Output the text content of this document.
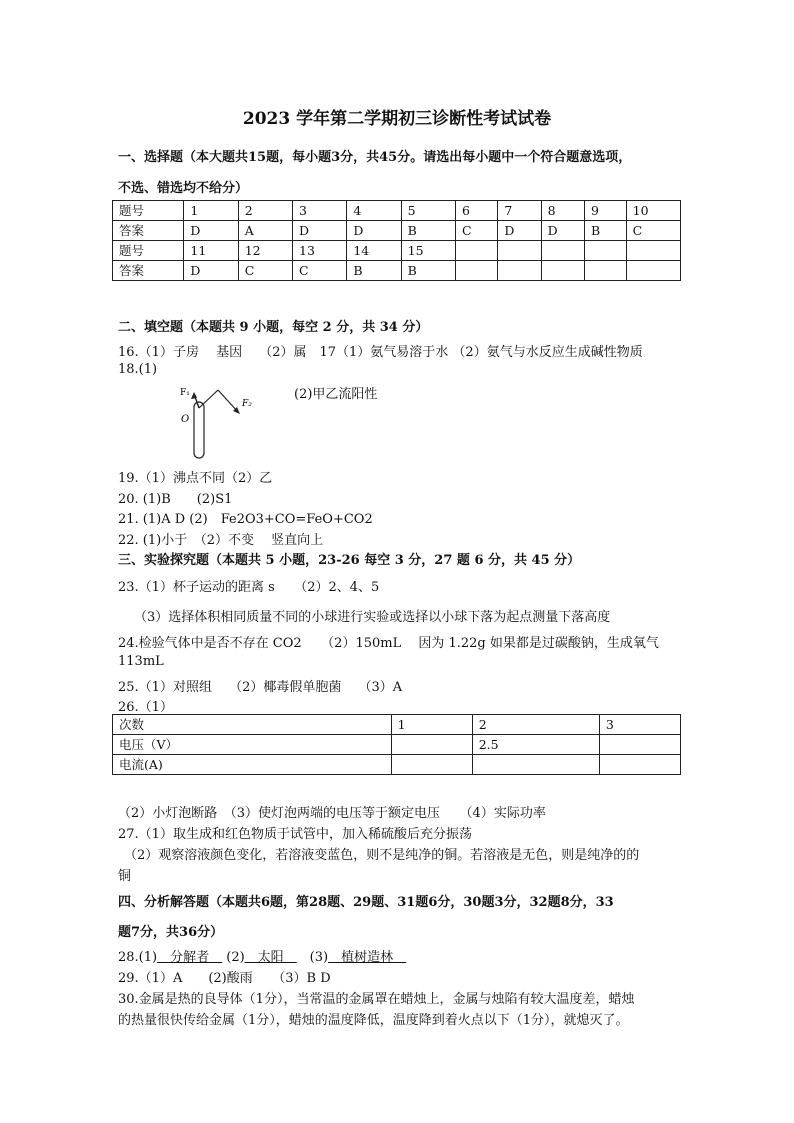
2023 学年第二学期初三诊断性考试试卷
一、选择题（本大题共15题，每小题3分，共45分。请选出每小题中一个符合题意选项，
不选、错选均不给分）
题号	1	2	3	4	5	6	7	8	9	10
答案	D	A	D	D	B	C	D	D	B	C
题号	11	12	13	14	15					
答案	D	C	C	B	B					
二、填空题（本题共 9 小题，每空 2 分，共 34 分）
16.（1）子房　 基因　 （2）属　17（1）氨气易溶于水 （2）氨气与水反应生成碱性物质
18.(1)
F₁
F₂
O
(2)甲乙流阳性
19.（1）沸点不同（2）乙
20. (1)B　　(2)S1
21. (1)A D (2)　Fe2O3+CO=FeO+CO2
22. (1)小于　（2）不变　 竖直向上
三、实验探究题（本题共 5 小题，23-26 每空 3 分，27 题 6 分，共 45 分）
23.（1）杯子运动的距离 s　　（2）2、4、5
（3）选择体积相同质量不同的小球进行实验或选择以小球下落为起点测量下落高度
24.检验气体中是否不存在 CO2　　（2）150mL　 因为 1.22g 如果都是过碳酸钠，生成氧气
113mL
25.（1）对照组　 （2）椰毒假单胞菌　 （3）A
26.（1）
次数	1	2	3
电压（V）		2.5	
电流(A)			
（2）小灯泡断路　（3）使灯泡两端的电压等于额定电压　　（4）实际功率
27.（1）取生成和红色物质于试管中，加入稀硫酸后充分振荡
（2）观察溶液颜色变化，若溶液变蓝色，则不是纯净的铜。若溶液是无色，则是纯净的的
铜
四、分析解答题（本题共6题，第28题、29题、31题6分，30题3分，32题8分，33
题7分，共36分）
28.(1)　分解者　 (2)　太阳　　(3)　植树造林　
29.（1）A　　(2)酸雨　　（3）B D
30.金属是热的良导体（1分），当常温的金属罩在蜡烛上，金属与烛陷有较大温度差，蜡烛
的热量很快传给金属（1分），蜡烛的温度降低，温度降到着火点以下（1分），就熄灭了。
